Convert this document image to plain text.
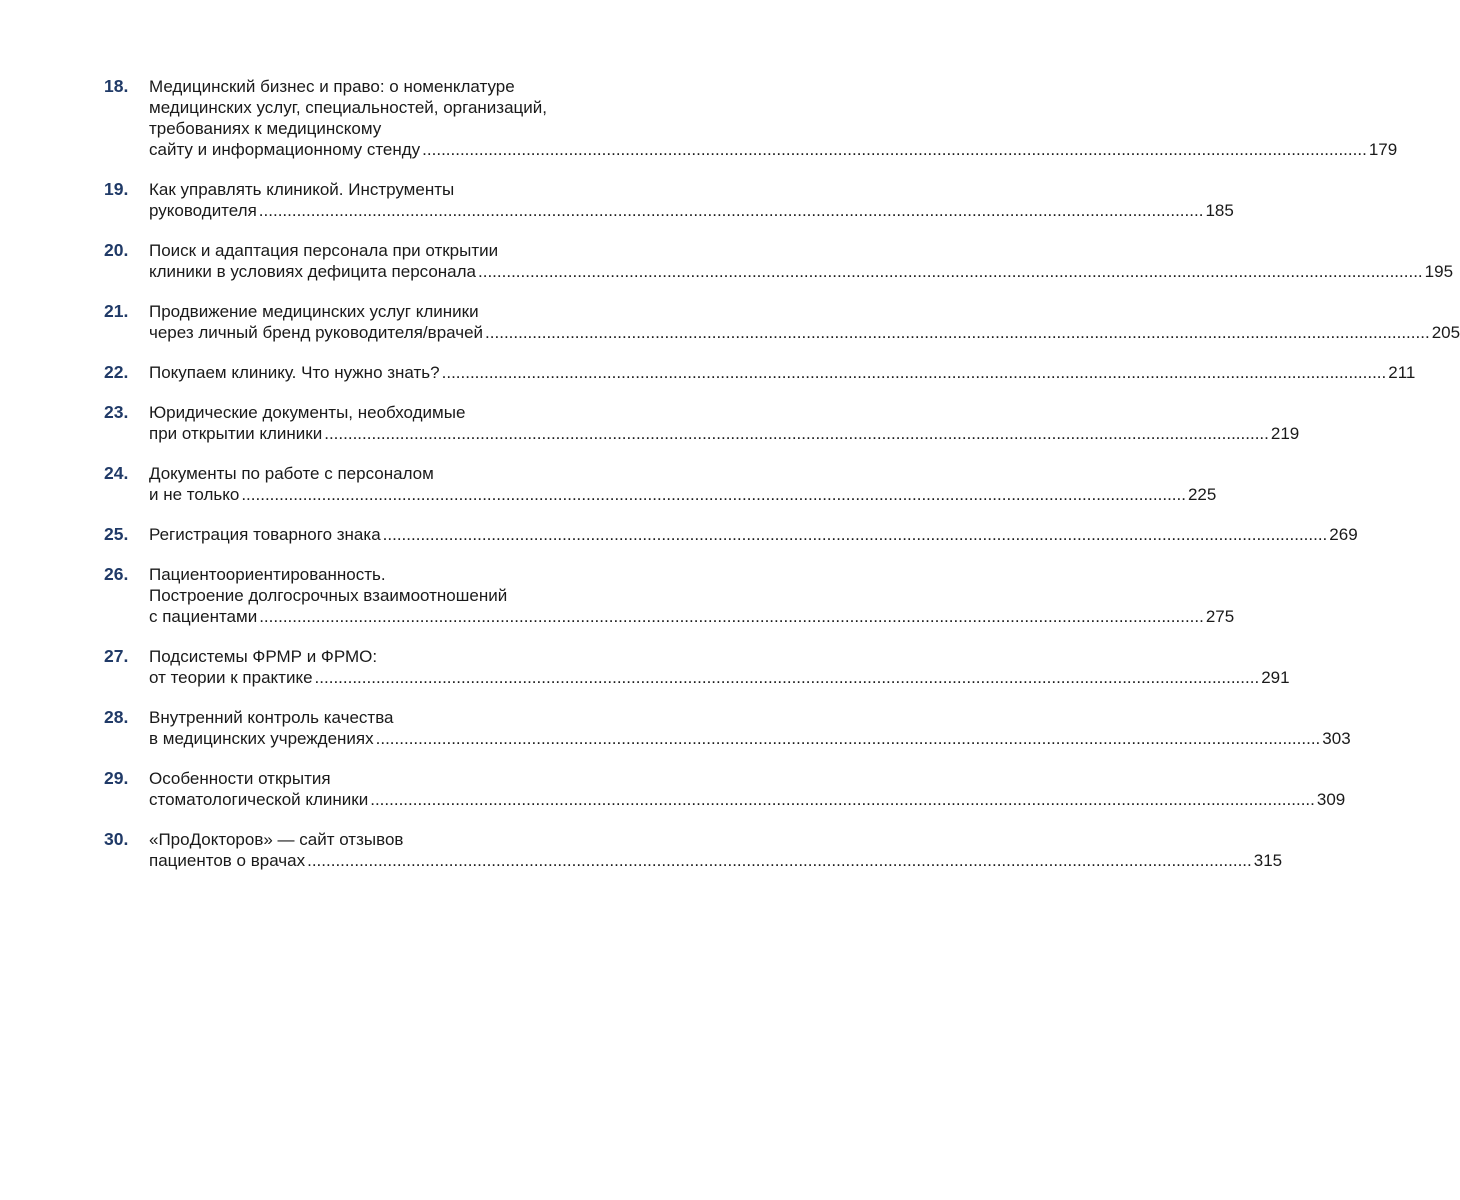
18.	Медицинский бизнес и право: о номенклатуре
медицинских услуг, специальностей, организаций,
требованиях к медицинскому
сайту и информационному стенду ........................................................................................................................................................................................................ 179
19.	Как управлять клиникой. Инструменты
руководителя ........................................................................................................................................................................................................ 185
20.	Поиск и адаптация персонала при открытии
клиники в условиях дефицита персонала ........................................................................................................................................................................................................ 195
21.	Продвижение медицинских услуг клиники
через личный бренд руководителя/врачей ........................................................................................................................................................................................................ 205
22.	Покупаем клинику. Что нужно знать? ........................................................................................................................................................................................................ 211
23.	Юридические документы, необходимые
при открытии клиники ........................................................................................................................................................................................................ 219
24.	Документы по работе с персоналом
и не только ........................................................................................................................................................................................................ 225
25.	Регистрация товарного знака ........................................................................................................................................................................................................ 269
26.	Пациентоориентированность.
Построение долгосрочных взаимоотношений
с пациентами ........................................................................................................................................................................................................ 275
27.	Подсистемы ФРМР и ФРМО:
от теории к практике ........................................................................................................................................................................................................ 291
28.	Внутренний контроль качества
в медицинских учреждениях ........................................................................................................................................................................................................ 303
29.	Особенности открытия
стоматологической клиники ........................................................................................................................................................................................................ 309
30.	«ПроДокторов» — сайт отзывов
пациентов о врачах ........................................................................................................................................................................................................ 315
